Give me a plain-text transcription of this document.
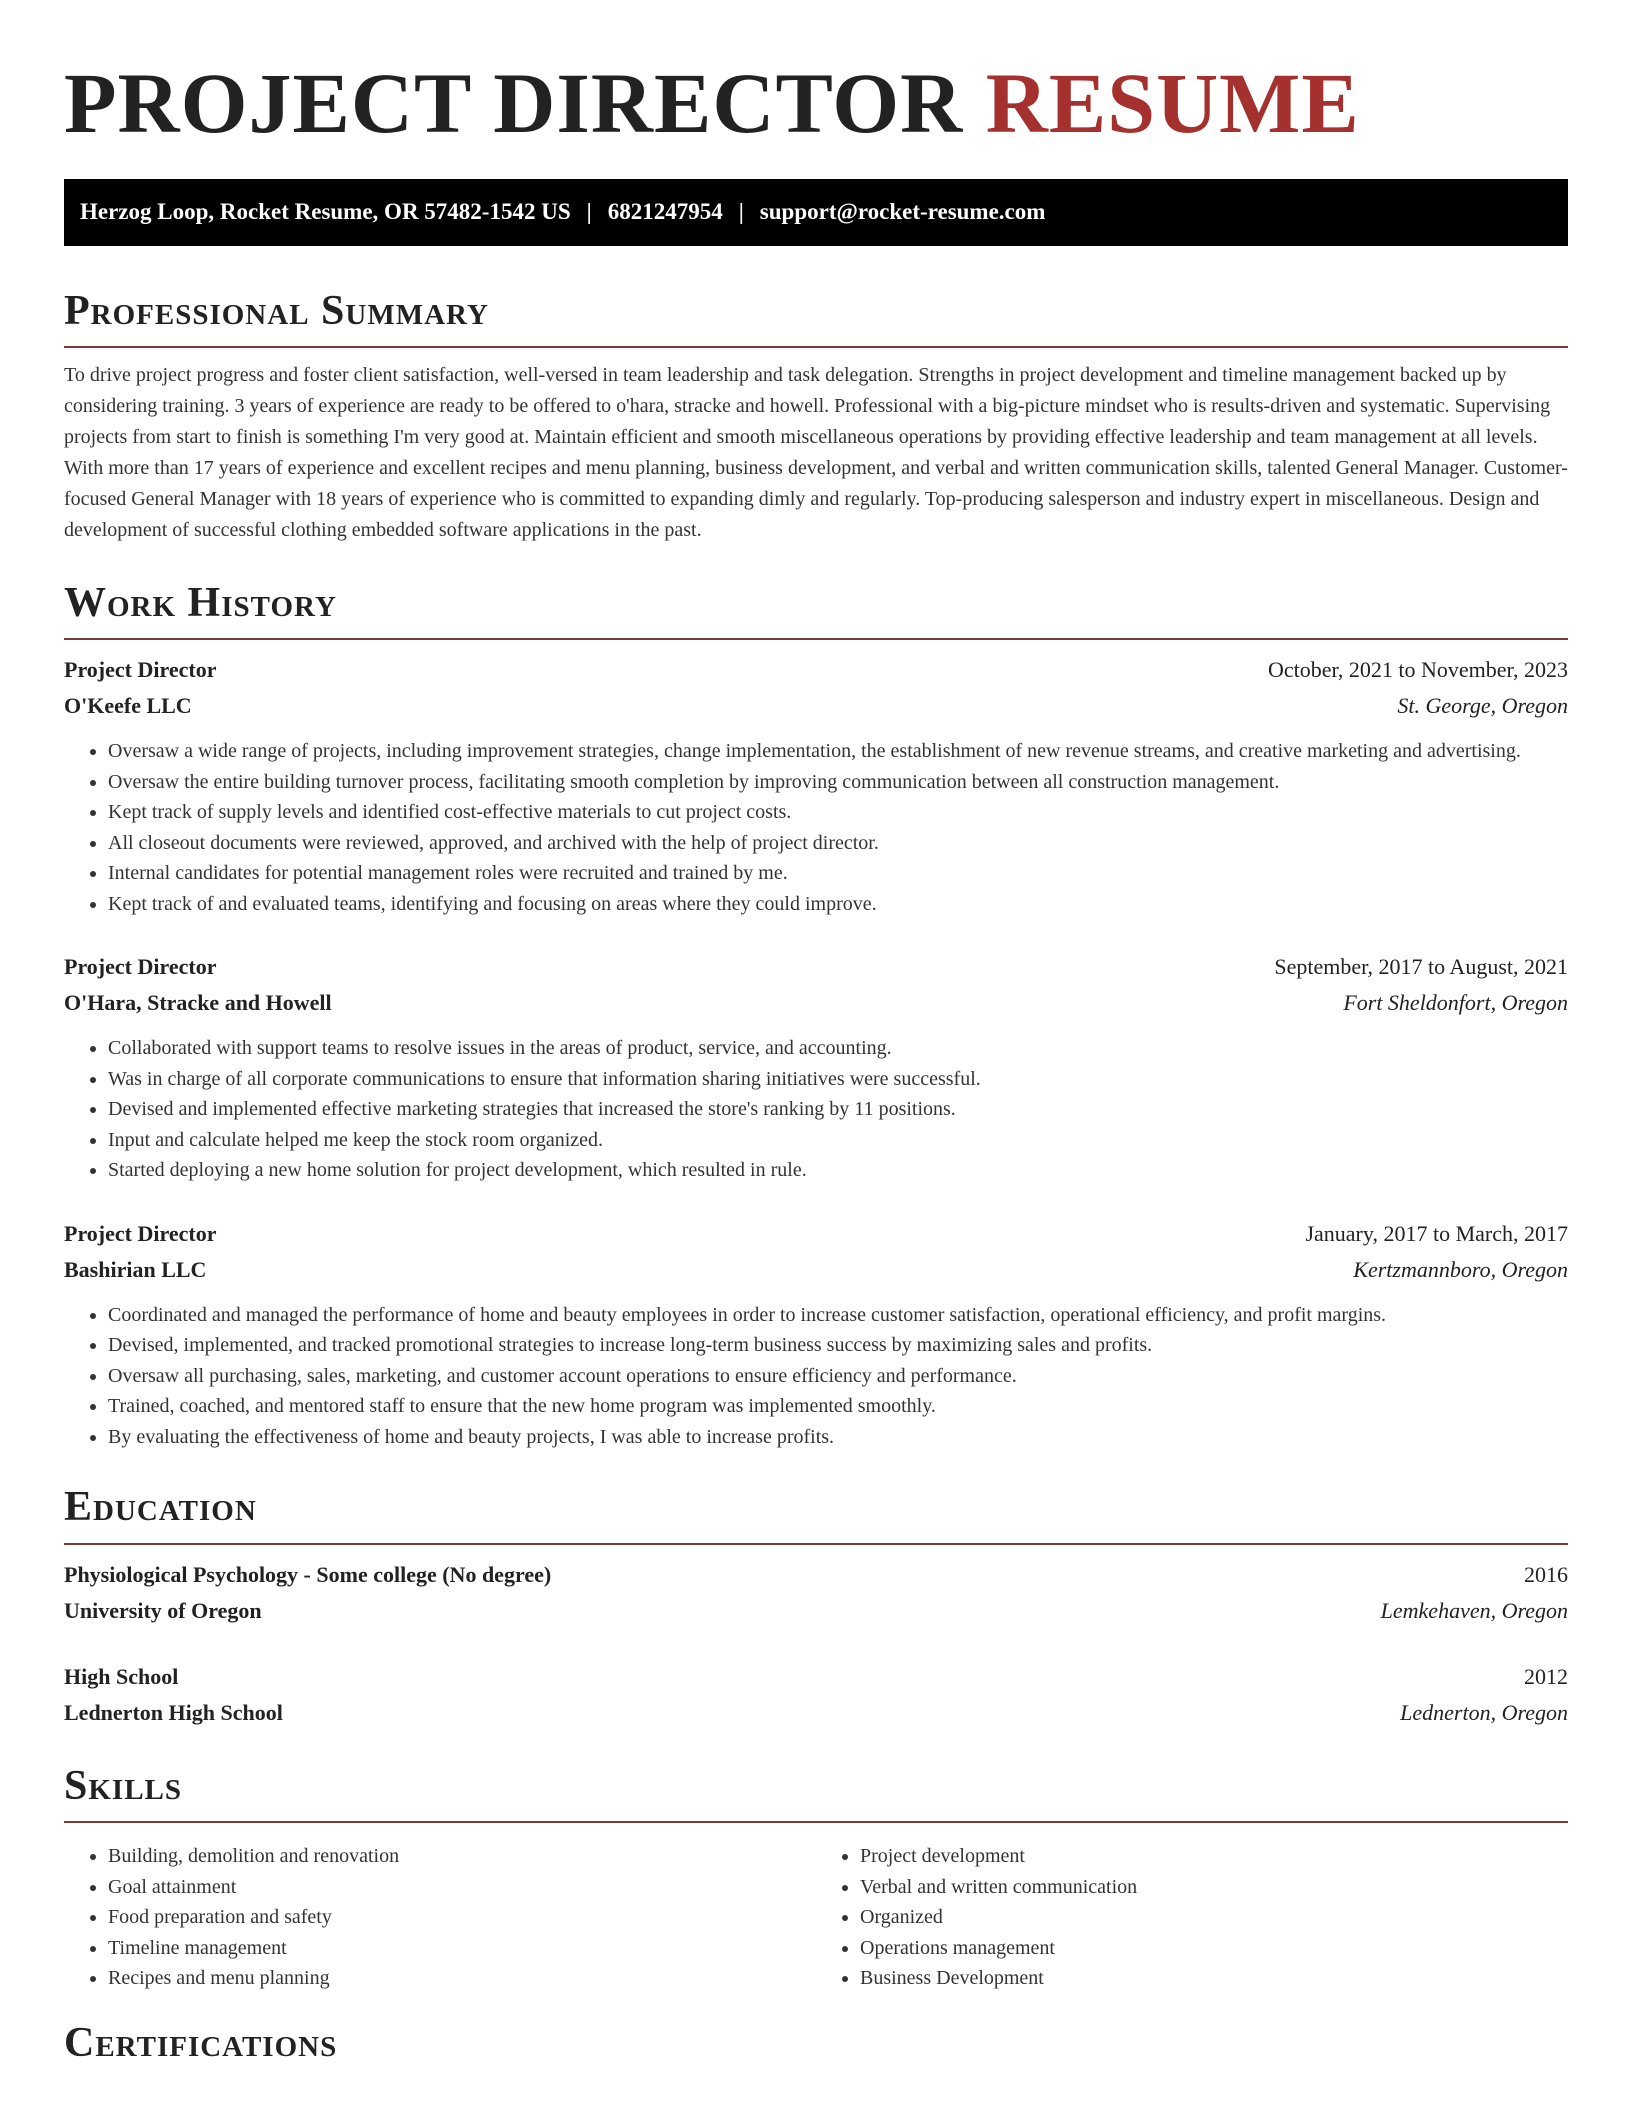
PROJECT DIRECTOR RESUME
Herzog Loop, Rocket Resume, OR 57482-1542 US | 6821247954 | support@rocket-resume.com
Professional Summary

To drive project progress and foster client satisfaction, well-versed in team leadership and task delegation. Strengths in project development and timeline management backed up by considering training. 3 years of experience are ready to be offered to o'hara, stracke and howell. Professional with a big-picture mindset who is results-driven and systematic. Supervising projects from start to finish is something I'm very good at. Maintain efficient and smooth miscellaneous operations by providing effective leadership and team management at all levels. With more than 17 years of experience and excellent recipes and menu planning, business development, and verbal and written communication skills, talented General Manager. Customer-focused General Manager with 18 years of experience who is committed to expanding dimly and regularly. Top-producing salesperson and industry expert in miscellaneous. Design and development of successful clothing embedded software applications in the past.

Work History
Project Director	October, 2021 to November, 2023
O'Keefe LLC	St. George, Oregon
• Oversaw a wide range of projects, including improvement strategies, change implementation, the establishment of new revenue streams, and creative marketing and advertising.
• Oversaw the entire building turnover process, facilitating smooth completion by improving communication between all construction management.
• Kept track of supply levels and identified cost-effective materials to cut project costs.
• All closeout documents were reviewed, approved, and archived with the help of project director.
• Internal candidates for potential management roles were recruited and trained by me.
• Kept track of and evaluated teams, identifying and focusing on areas where they could improve.
Project Director	September, 2017 to August, 2021
O'Hara, Stracke and Howell	Fort Sheldonfort, Oregon
• Collaborated with support teams to resolve issues in the areas of product, service, and accounting.
• Was in charge of all corporate communications to ensure that information sharing initiatives were successful.
• Devised and implemented effective marketing strategies that increased the store's ranking by 11 positions.
• Input and calculate helped me keep the stock room organized.
• Started deploying a new home solution for project development, which resulted in rule.
Project Director	January, 2017 to March, 2017
Bashirian LLC	Kertzmannboro, Oregon
• Coordinated and managed the performance of home and beauty employees in order to increase customer satisfaction, operational efficiency, and profit margins.
• Devised, implemented, and tracked promotional strategies to increase long-term business success by maximizing sales and profits.
• Oversaw all purchasing, sales, marketing, and customer account operations to ensure efficiency and performance.
• Trained, coached, and mentored staff to ensure that the new home program was implemented smoothly.
• By evaluating the effectiveness of home and beauty projects, I was able to increase profits.
Education
Physiological Psychology - Some college (No degree)	2016
University of Oregon	Lemkehaven, Oregon
High School	2012
Lednerton High School	Lednerton, Oregon
Skills
• Building, demolition and renovation
• Goal attainment
• Food preparation and safety
• Timeline management
• Recipes and menu planning
• Project development
• Verbal and written communication
• Organized
• Operations management
• Business Development
Certifications
